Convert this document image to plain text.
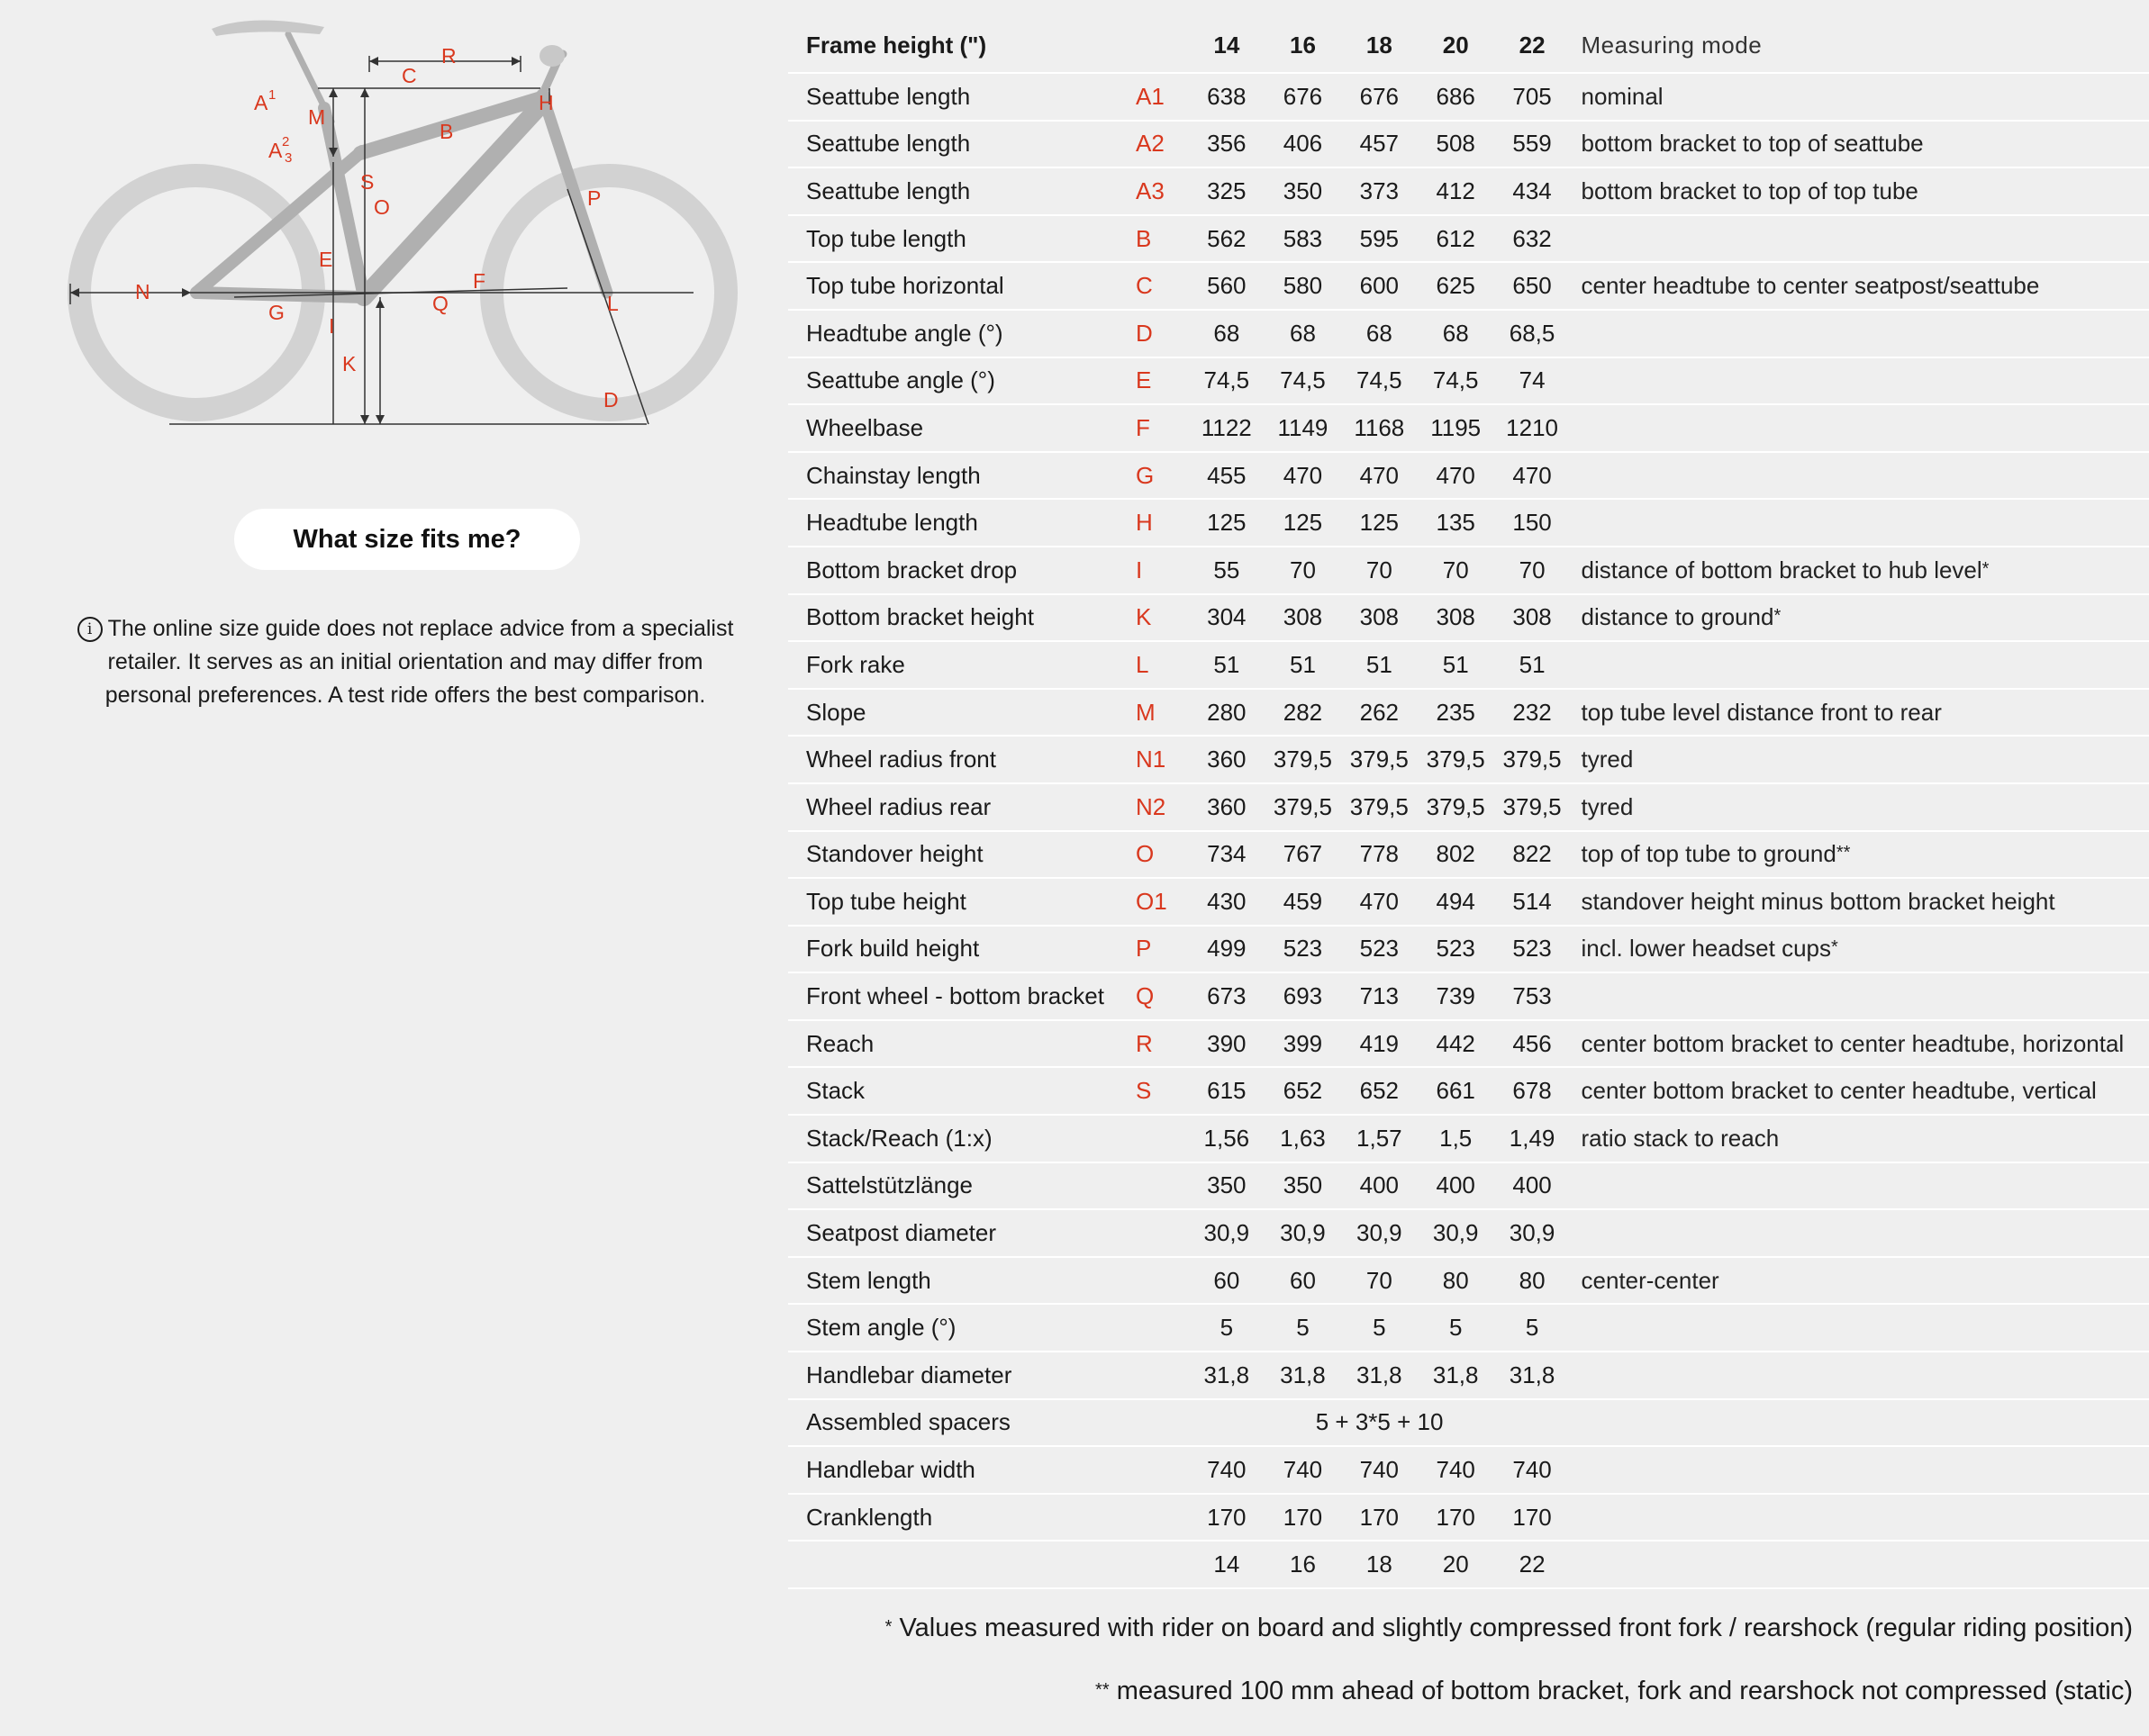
A 1
A 2
3
M
B
C
R
H
S
O	P
E
F
Q
N
G
I
K
L
D
What size fits me?
i The online size guide does not replace advice from a specialist retailer. It serves as an initial orientation and may differ from personal preferences. A test ride offers the best comparison.
Frame height (")		14	16	18	20	22	Measuring mode
Seattube length	A1	638	676	676	686	705	nominal
Seattube length	A2	356	406	457	508	559	bottom bracket to top of seattube
Seattube length	A3	325	350	373	412	434	bottom bracket to top of top tube
Top tube length	B	562	583	595	612	632	
Top tube horizontal	C	560	580	600	625	650	center headtube to center seatpost/seattube
Headtube angle (°)	D	68	68	68	68	68,5	
Seattube angle (°)	E	74,5	74,5	74,5	74,5	74	
Wheelbase	F	1122	1149	1168	1195	1210	
Chainstay length	G	455	470	470	470	470	
Headtube length	H	125	125	125	135	150	
Bottom bracket drop	I	55	70	70	70	70	distance of bottom bracket to hub level*
Bottom bracket height	K	304	308	308	308	308	distance to ground*
Fork rake	L	51	51	51	51	51	
Slope	M	280	282	262	235	232	top tube level distance front to rear
Wheel radius front	N1	360	379,5	379,5	379,5	379,5	tyred
Wheel radius rear	N2	360	379,5	379,5	379,5	379,5	tyred
Standover height	O	734	767	778	802	822	top of top tube to ground**
Top tube height	O1	430	459	470	494	514	standover height minus bottom bracket height
Fork build height	P	499	523	523	523	523	incl. lower headset cups*
Front wheel - bottom bracket	Q	673	693	713	739	753	
Reach	R	390	399	419	442	456	center bottom bracket to center headtube, horizontal
Stack	S	615	652	652	661	678	center bottom bracket to center headtube, vertical
Stack/Reach (1:x)		1,56	1,63	1,57	1,5	1,49	ratio stack to reach
Sattelstützlänge		350	350	400	400	400	
Seatpost diameter		30,9	30,9	30,9	30,9	30,9	
Stem length		60	60	70	80	80	center-center
Stem angle (°)		5	5	5	5	5	
Handlebar diameter		31,8	31,8	31,8	31,8	31,8	
Assembled spacers		5 + 3*5 + 10					
Handlebar width		740	740	740	740	740	
Cranklength		170	170	170	170	170	
		14	16	18	20	22	
* Values measured with rider on board and slightly compressed front fork / rearshock (regular riding position)
** measured 100 mm ahead of bottom bracket, fork and rearshock not compressed (static)
